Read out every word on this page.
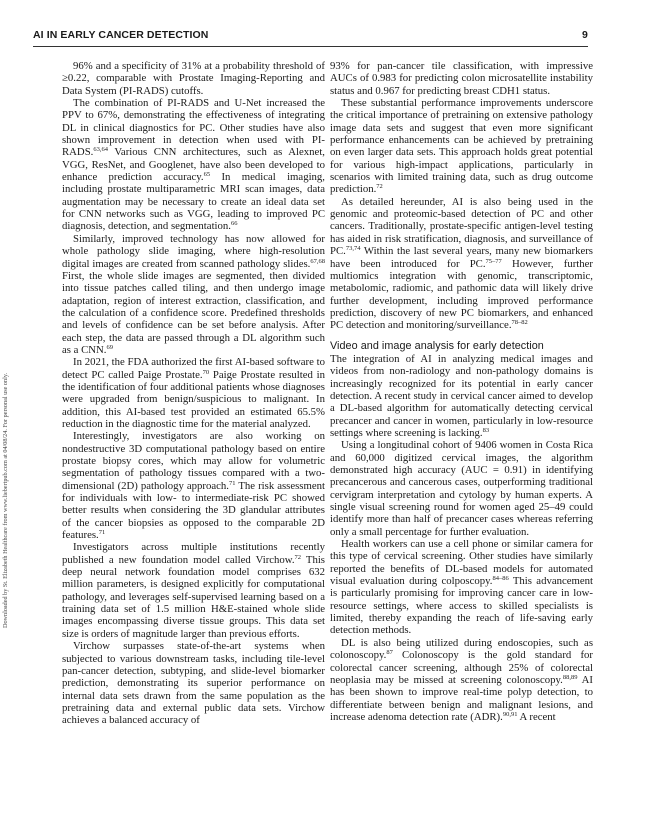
AI IN EARLY CANCER DETECTION	9
Downloaded by St. Elizabeth Healthcare from www.liebertpub.com at 04/08/24. For personal use only.

96% and a specificity of 31% at a probability threshold of ≥0.22, comparable with Prostate Imaging-Reporting and Data System (PI-RADS) cutoffs.

The combination of PI-RADS and U-Net increased the PPV to 67%, demonstrating the effectiveness of integrating DL in clinical diagnostics for PC. Other studies have also shown improvement in detection when used with PI-RADS.$^{63,64}$ Various CNN architectures, such as Alexnet, VGG, ResNet, and Googlenet, have also been developed to enhance prediction accuracy.$^{65}$ In medical imaging, including prostate multiparametric MRI scan images, data augmentation may be necessary to create an ideal data set for CNN networks such as VGG, leading to improved PC diagnosis, detection, and segmentation.$^{66}$

Similarly, improved technology has now allowed for whole pathology slide imaging, where high-resolution digital images are created from scanned pathology slides.$^{67,68}$ First, the whole slide images are segmented, then divided into tissue patches called tiling, and then undergo image adaptation, region of interest extraction, classification, and the calculation of a confidence score. Predefined thresholds and levels of confidence can be set before analysis. After each step, the data are passed through a DL algorithm such as a CNN.$^{69}$

In 2021, the FDA authorized the first AI-based software to detect PC called Paige Prostate.$^{70}$ Paige Prostate resulted in the identification of four additional patients whose diagnoses were upgraded from benign/suspicious to malignant. In addition, this AI-based test provided an estimated 65.5% reduction in the diagnostic time for the material analyzed.

Interestingly, investigators are also working on nondestructive 3D computational pathology based on entire prostate biopsy cores, which may allow for volumetric segmentation of pathology tissues compared with a two-dimensional (2D) pathology approach.$^{71}$ The risk assessment for individuals with low- to intermediate-risk PC showed better results when considering the 3D glandular attributes of the cancer biopsies as opposed to the comparable 2D features.$^{71}$

Investigators across multiple institutions recently published a new foundation model called Virchow.$^{72}$ This deep neural network foundation model comprises 632 million parameters, is designed explicitly for computational pathology, and leverages self-supervised learning based on a training data set of 1.5 million H&E-stained whole slide images encompassing diverse tissue groups. This data set size is orders of magnitude larger than previous efforts.

Virchow surpasses state-of-the-art systems when subjected to various downstream tasks, including tile-level pan-cancer detection, subtyping, and slide-level biomarker prediction, demonstrating its superior performance on internal data sets drawn from the same population as the pretraining data and external public data sets. Virchow achieves a balanced accuracy of

93% for pan-cancer tile classification, with impressive AUCs of 0.983 for predicting colon microsatellite instability status and 0.967 for predicting breast CDH1 status.

These substantial performance improvements underscore the critical importance of pretraining on extensive pathology image data sets and suggest that even more significant performance enhancements can be achieved by pretraining on even larger data sets. This approach holds great potential for various high-impact applications, particularly in scenarios with limited training data, such as drug outcome prediction.$^{72}$

As detailed hereunder, AI is also being used in the genomic and proteomic-based detection of PC and other cancers. Traditionally, prostate-specific antigen-level testing has aided in risk stratification, diagnosis, and surveillance of PC.$^{73,74}$ Within the last several years, many new biomarkers have been introduced for PC.$^{75-77}$ However, further multiomics integration with genomic, transcriptomic, metabolomic, radiomic, and pathomic data will likely drive further development, including improved performance prediction, discovery of new PC biomarkers, and enhanced PC detection and monitoring/surveillance.$^{78-82}$

Video and image analysis for early detection

The integration of AI in analyzing medical images and videos from non-radiology and non-pathology domains is increasingly recognized for its potential in early cancer detection. A recent study in cervical cancer aimed to develop a DL-based algorithm for automatically detecting cervical precancer and cancer in women, particularly in low-resource settings where screening is lacking.$^{83}$

Using a longitudinal cohort of 9406 women in Costa Rica and 60,000 digitized cervical images, the algorithm demonstrated high accuracy (AUC = 0.91) in identifying precancerous and cancerous cases, outperforming traditional cervigram interpretation and cytology by human experts. A single visual screening round for women aged 25–49 could identify more than half of precancer cases whereas referring only a small percentage for further evaluation.

Health workers can use a cell phone or similar camera for this type of cervical screening. Other studies have similarly reported the benefits of DL-based models for automated visual evaluation during colposcopy.$^{84-86}$ This advancement is particularly promising for improving cancer care in low-resource settings, where access to skilled specialists is limited, thereby expanding the reach of life-saving early detection methods.

DL is also being utilized during endoscopies, such as colonoscopy.$^{87}$ Colonoscopy is the gold standard for colorectal cancer screening, although 25% of colorectal neoplasia may be missed at screening colonoscopy.$^{88,89}$ AI has been shown to improve real-time polyp detection, to differentiate between benign and malignant lesions, and increase adenoma detection rate (ADR).$^{90,91}$ A recent
